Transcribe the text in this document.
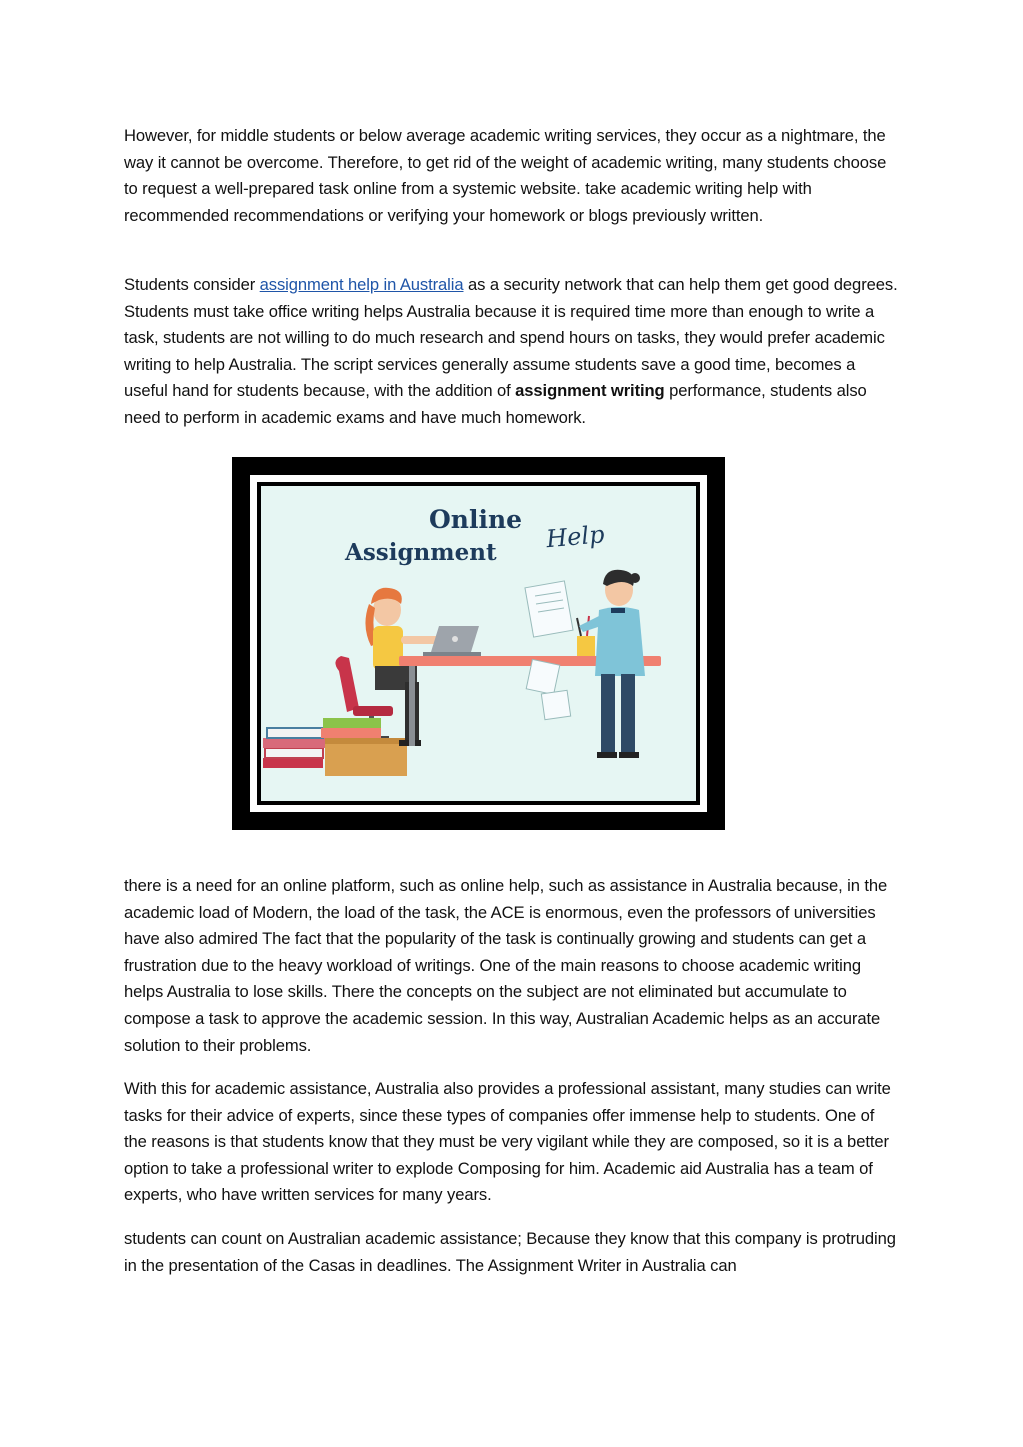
However, for middle students or below average academic writing services, they occur as a nightmare, the way it cannot be overcome. Therefore, to get rid of the weight of academic writing, many students choose to request a well-prepared task online from a systemic website. take academic writing help with recommended recommendations or verifying your homework or blogs previously written.

Students consider assignment help in Australia as a security network that can help them get good degrees. Students must take office writing helps Australia because it is required time more than enough to write a task, students are not willing to do much research and spend hours on tasks, they would prefer academic writing to help Australia. The script services generally assume students save a good time, becomes a useful hand for students because, with the addition of assignment writing performance, students also need to perform in academic exams and have much homework.

Online
Assignment Help

there is a need for an online platform, such as online help, such as assistance in Australia because, in the academic load of Modern, the load of the task, the ACE is enormous, even the professors of universities have also admired The fact that the popularity of the task is continually growing and students can get a frustration due to the heavy workload of writings. One of the main reasons to choose academic writing helps Australia to lose skills. There the concepts on the subject are not eliminated but accumulate to compose a task to approve the academic session. In this way, Australian Academic helps as an accurate solution to their problems.

With this for academic assistance, Australia also provides a professional assistant, many studies can write tasks for their advice of experts, since these types of companies offer immense help to students. One of the reasons is that students know that they must be very vigilant while they are composed, so it is a better option to take a professional writer to explode Composing for him. Academic aid Australia has a team of experts, who have written services for many years.

students can count on Australian academic assistance; Because they know that this company is protruding in the presentation of the Casas in deadlines. The Assignment Writer in Australia can
